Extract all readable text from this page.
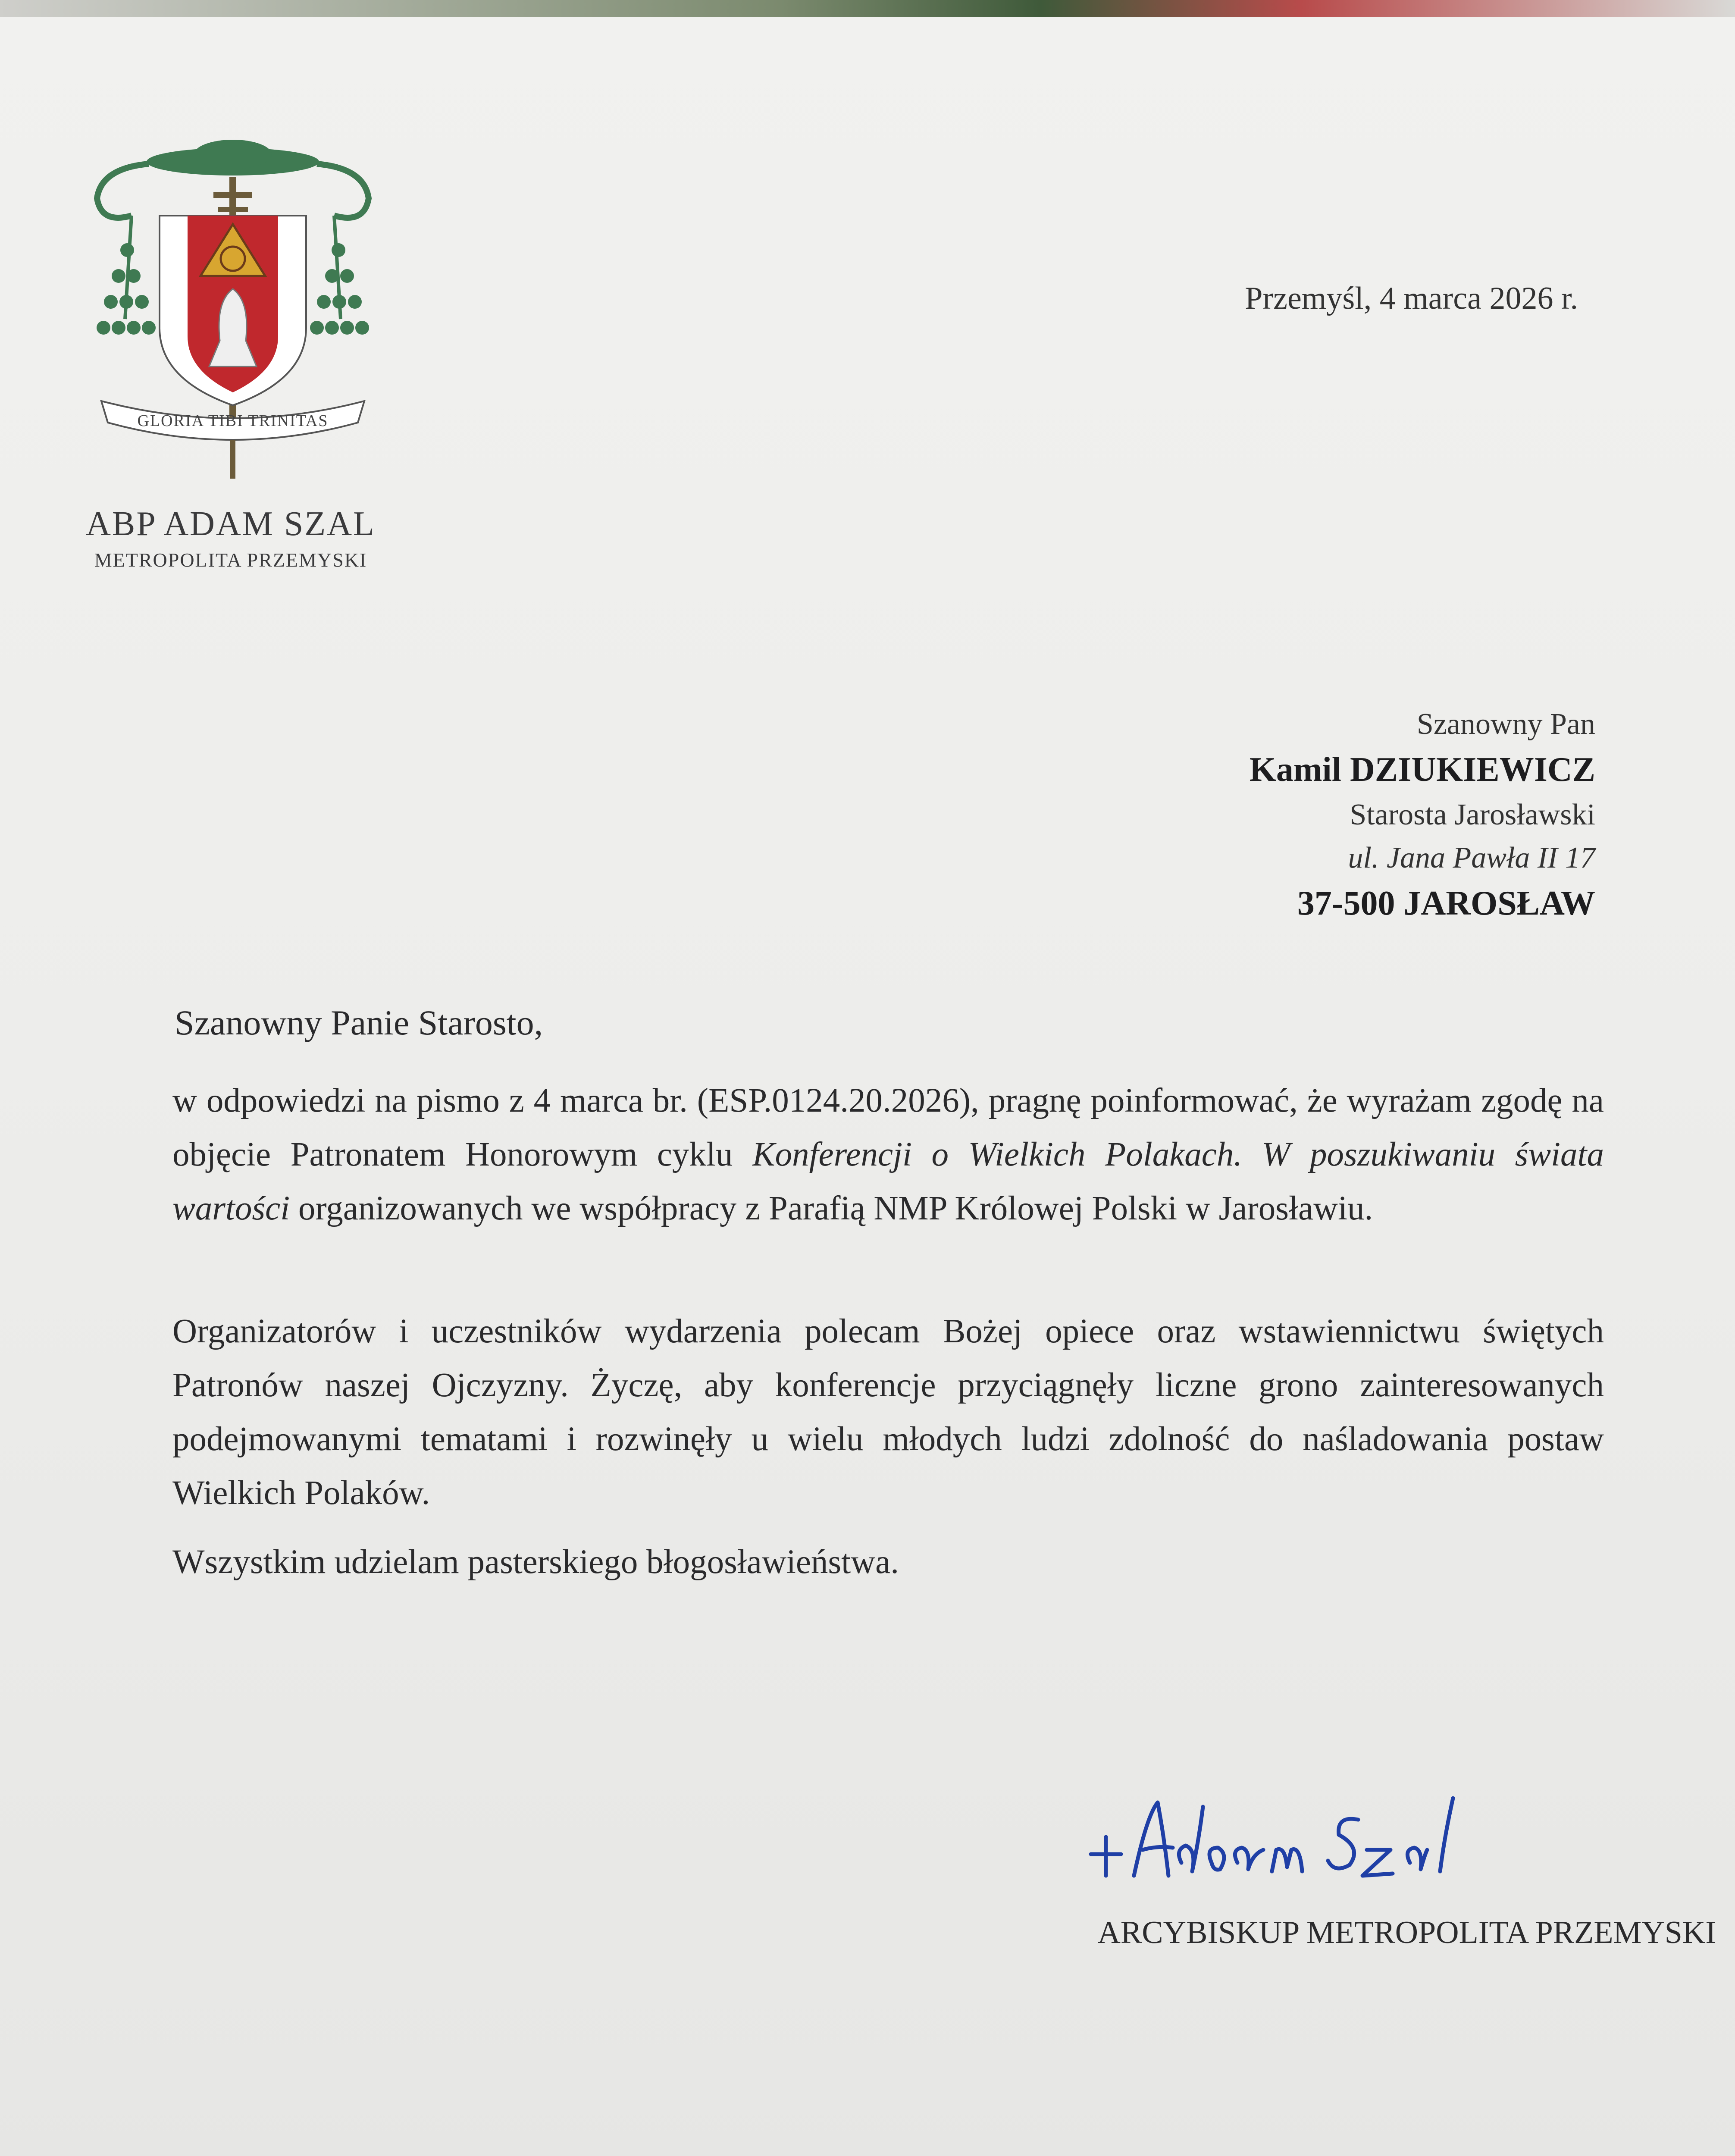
GLORIA TIBI TRINITAS
ABP ADAM SZAL
METROPOLITA PRZEMYSKI
Przemyśl, 4 marca 2026 r.
Szanowny Pan
Kamil DZIUKIEWICZ
Starosta Jarosławski
ul. Jana Pawła II 17
37-500 JAROSŁAW
Szanowny Panie Starosto,
w odpowiedzi na pismo z 4 marca br. (ESP.0124.20.2026), pragnę poinformować, że wyrażam zgodę na objęcie Patronatem Honorowym cyklu Konferencji o Wielkich Polakach. W poszukiwaniu świata wartości organizowanych we współpracy z Parafią NMP Królowej Polski w Jarosławiu.
Organizatorów i uczestników wydarzenia polecam Bożej opiece oraz wstawiennictwu świętych Patronów naszej Ojczyzny. Życzę, aby konferencje przyciągnęły liczne grono zainteresowanych podejmowanymi tematami i rozwinęły u wielu młodych ludzi zdolność do naśladowania postaw Wielkich Polaków.
Wszystkim udzielam pasterskiego błogosławieństwa.
ARCYBISKUP METROPOLITA PRZEMYSKI
